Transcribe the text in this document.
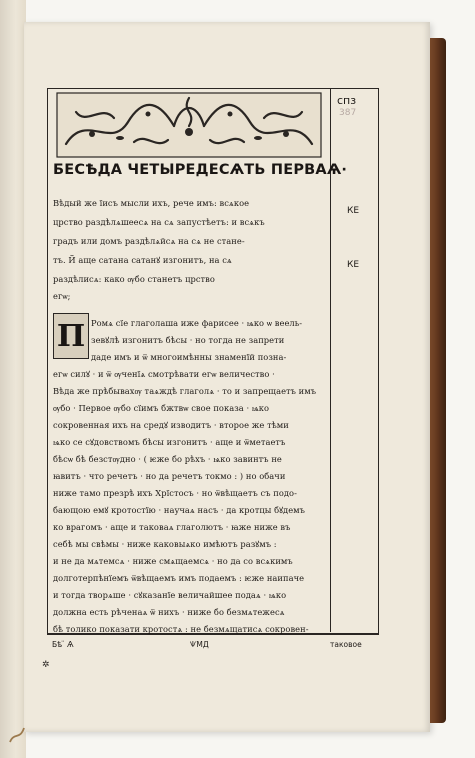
спз
387
БЕСѢДА ЧЕТЫРЕДЕСѦТЬ ПЕРВАѦ·
Вѣдый же їисъ мысли ихъ, рече имъ: всѧкое
црство раздѣлѧшеесѧ на сѧ запустѣетъ: и всѧкъ
градъ или домъ раздѣлѧйсѧ на сѧ не стане-
тъ. Й аще сатана сатанꙋ изгонитъ, на сѧ
раздѣлисѧ: како ѹбо станетъ црство
егѡ;
КЕ
КЕ
П Ромѧ сїе глаголаша иже фарисее · ѩко ѡ веель-
зевꙋлѣ изгонитъ бѣсы · но тогда не запрети
даде имъ и ѿ многоимѣнны знаменїй позна-
егѡ силꙋ · и ѿ ѹченїѧ смотрѣвати егѡ величество ·
Вѣда же прѣбывахѹ таѧждѣ глаголѧ · то и запрещаетъ имъ
ѹбо · Первое ѹбо сїимъ бжтвѡ свое показа · ѩко
сокровенная ихъ на средꙋ изводитъ · второе же тѣми
ѩко се сꙋдовствомъ бѣсы изгонитъ · аще и ѿметаетъ
бѣсѡ бѣ безстѹдно · ( ѥже бо рѣхъ · ѩко завинтъ не
ꙗвитъ · что речетъ · но да речетъ токмо : ) но обачи
ниже тамо презрѣ ихъ Хрїстосъ · но ѿвѣщаетъ съ подо-
бающою емꙋ кротостїю · научаѧ насъ · да кротцы бꙋдемъ
ко врагомъ · аще и таковаѧ глаголютъ · ꙗже ниже въ
себѣ мы свѣмы · ниже каковыѧко имѣютъ разꙋмъ :
и не да мѧтемсѧ · ниже смѧщаемсѧ · но да со всѧкимъ
долготерпѣнїемъ ѿвѣщаемъ имъ подаемъ : ѥже наипаче
и тогда творѧше · сꙋказанїе величайшее подаѧ · ѩко
должна есть рѣченаѧ ѿ нихъ · ниже бо безмѧтежесѧ
бѣ толико показати кротостѧ : не безмѧщатисѧ сокровен-
Бѣ ̈ Ѧ	ѰМД	таковое
✲
